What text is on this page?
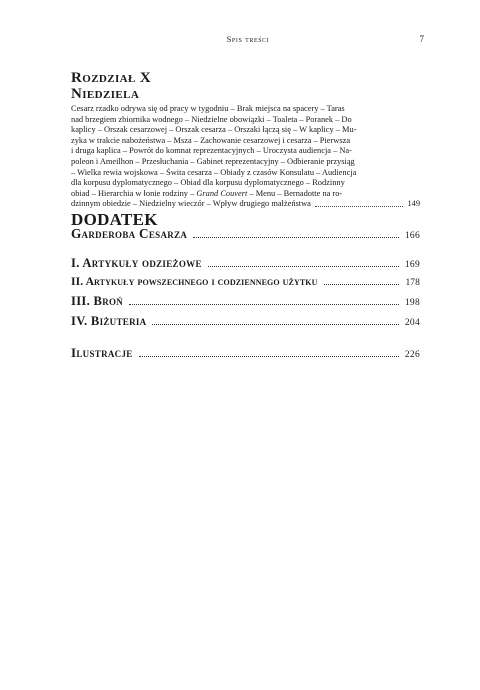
Spis treści	7
Rozdział X
Niedziela
Cesarz rzadko odrywa się od pracy w tygodniu – Brak miejsca na spacery – Taras
nad brzegiem zbiornika wodnego – Niedzielne obowiązki – Toaleta – Poranek – Do
kaplicy – Orszak cesarzowej – Orszak cesarza – Orszaki łączą się – W kaplicy – Mu-
zyka w trakcie nabożeństwa – Msza – Zachowanie cesarzowej i cesarza – Pierwsza
i druga kaplica – Powrót do komnat reprezentacyjnych – Uroczysta audiencja – Na-
poleon i Ameilhon – Przesłuchania – Gabinet reprezentacyjny – Odbieranie przysiąg
– Wielka rewia wojskowa – Świta cesarza – Obiady z czasów Konsulatu – Audiencja
dla korpusu dyplomatycznego – Obiad dla korpusu dyplomatycznego – Rodzinny
obiad – Hierarchia w łonie rodziny – Grand Couvert – Menu – Bernadotte na ro-
dzinnym obiedzie – Niedzielny wieczór – Wpływ drugiego małżeństwa	149
DODATEK
Garderoba Cesarza	166
I. Artykuły odzieżowe	169
II. Artykuły powszechnego i codziennego użytku	178
III. Broń	198
IV. Biżuteria	204
Ilustracje	226
